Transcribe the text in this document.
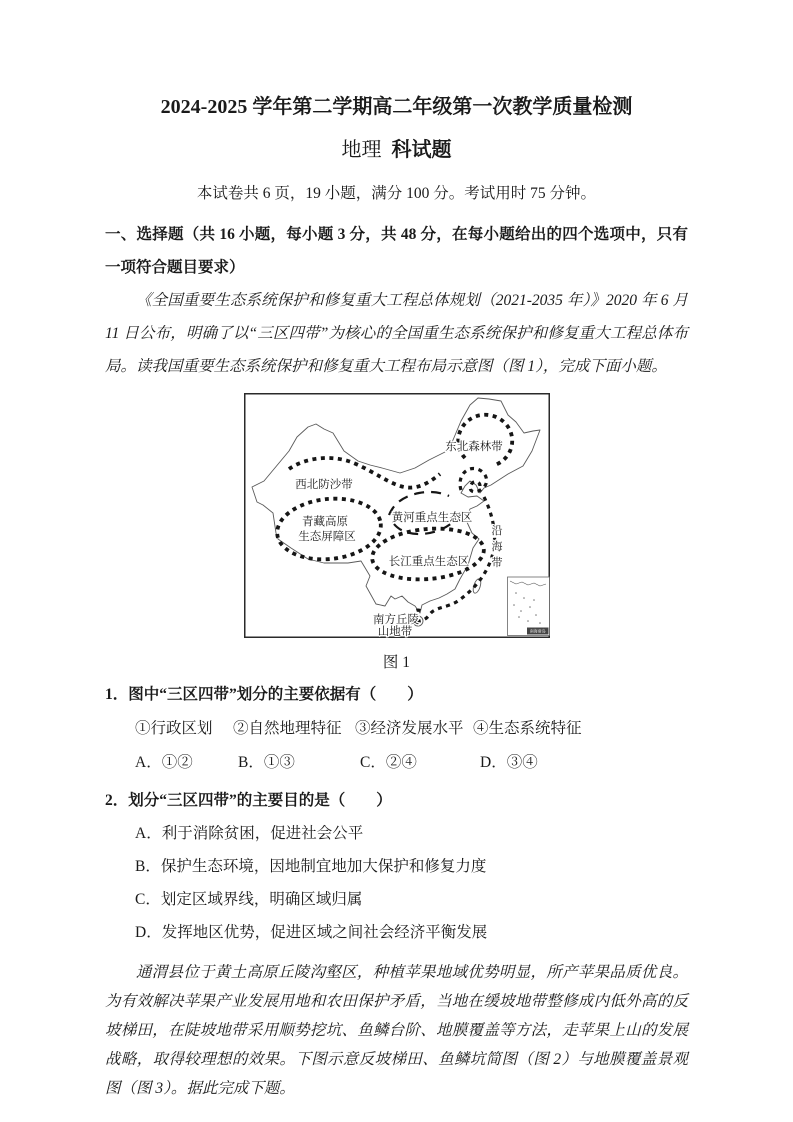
2024-2025 学年第二学期高二年级第一次教学质量检测
地理 科试题
本试卷共 6 页，19 小题，满分 100 分。考试用时 75 分钟。
一、选择题（共 16 小题，每小题 3 分，共 48 分，在每小题给出的四个选项中，只有一项符合题目要求）
《全国重要生态系统保护和修复重大工程总体规划（2021-2035 年）》2020 年 6 月 11 日公布，明确了以“三区四带”为核心的全国重生态系统保护和修复重大工程总体布局。读我国重要生态系统保护和修复重大工程布局示意图（图 1），完成下面小题。
东北森林带
西北防沙带
青藏高原
生态屏障区
黄河重点生态区
长江重点生态区
沿
海
带
南方丘陵
山地带	南海诸岛
图 1
1．图中“三区四带”划分的主要依据有（　　）
①行政区划	②自然地理特征 ③经济发展水平 ④生态系统特征
A．①②	B．①③	C．②④	D．③④
2．划分“三区四带”的主要目的是（　　）
A．利于消除贫困，促进社会公平
B．保护生态环境，因地制宜地加大保护和修复力度
C．划定区域界线，明确区域归属
D．发挥地区优势，促进区域之间社会经济平衡发展
通渭县位于黄土高原丘陵沟壑区，种植苹果地域优势明显，所产苹果品质优良。为有效解决苹果产业发展用地和农田保护矛盾，当地在缓坡地带整修成内低外高的反坡梯田，在陡坡地带采用顺势挖坑、鱼鳞台阶、地膜覆盖等方法，走苹果上山的发展战略，取得较理想的效果。下图示意反坡梯田、鱼鳞坑简图（图 2）与地膜覆盖景观图（图 3）。据此完成下题。
